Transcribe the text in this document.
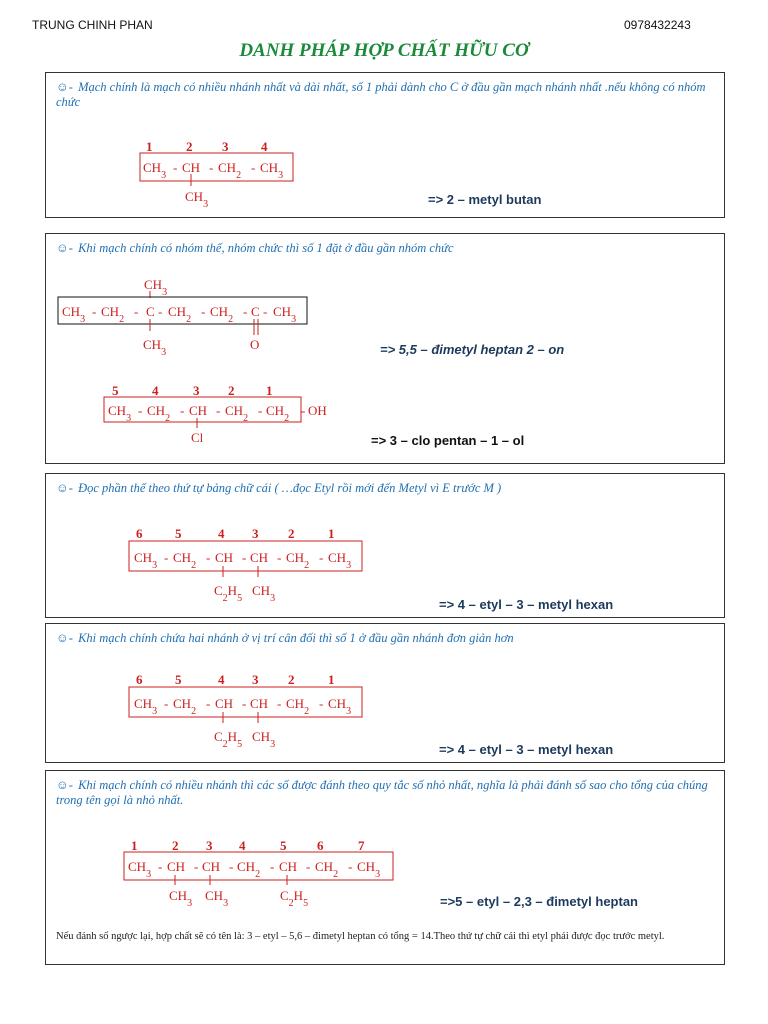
TRUNG CHINH PHAN	0978432243
DANH PHÁP HỢP CHẤT HỮU CƠ
☺- Mạch chính là mạch có nhiều nhánh nhất và dài nhất, số 1 phải dành cho C ở đầu gần mạch nhánh nhất .nếu không có nhóm chức
1	2 3	4
$CH_3$ - CH - $CH_2 - CH_3$
$CH_3$	=> 2 – metyl butan
☺- Khi mạch chính có nhóm thế, nhóm chức thì số 1 đặt ở đầu gần nhóm chức
$CH_3$
$CH_3 - CH_2$ - C - $CH_2 - CH_2$ - C - $CH_3$
$CH_3$	O
5	4	3 2 1
$CH_3 - CH_2$ - CH - $CH_2 - CH_2$ - OH
Cl
=> 5,5 – đimetyl heptan 2 – on
=> 3 – clo pentan – 1 – ol
☺- Đọc phần thế theo thứ tự bảng chữ cái ( …đọc Etyl rồi mới đến Metyl vì E trước M )
6	5	4 3 2	1
$CH_3 - CH_2$ - CH - CH - $CH_2 - CH_3$
$C_2H_5$ $CH_3$	=> 4 – etyl – 3 – metyl hexan
☺- Khi mạch chính chứa hai nhánh ở vị trí cân đối thì số 1 ở đầu gần nhánh đơn giản hơn
6	5	4 3 2	1
$CH_3 - CH_2$ - CH - CH - $CH_2 - CH_3$
$C_2H_5$ $CH_3$	=> 4 – etyl – 3 – metyl hexan
☺- Khi mạch chính có nhiều nhánh thì các số được đánh theo quy tắc số nhỏ nhất, nghĩa là phải đánh số sao cho tổng của chúng trong tên gọi là nhỏ nhất.
1	2 3 4	5 6	7
$CH_3$ - CH - CH - $CH_2$ - CH - $CH_2 - CH_3$
$CH_3$ $CH_3$	$C_2H_5$	=>5 – etyl – 2,3 – đimetyl heptan
Nếu đánh số ngược lại, hợp chất sẽ có tên là: 3 – etyl – 5,6 – đimetyl heptan có tổng = 14.Theo thứ tự chữ cái thì etyl phải được đọc trước metyl.
